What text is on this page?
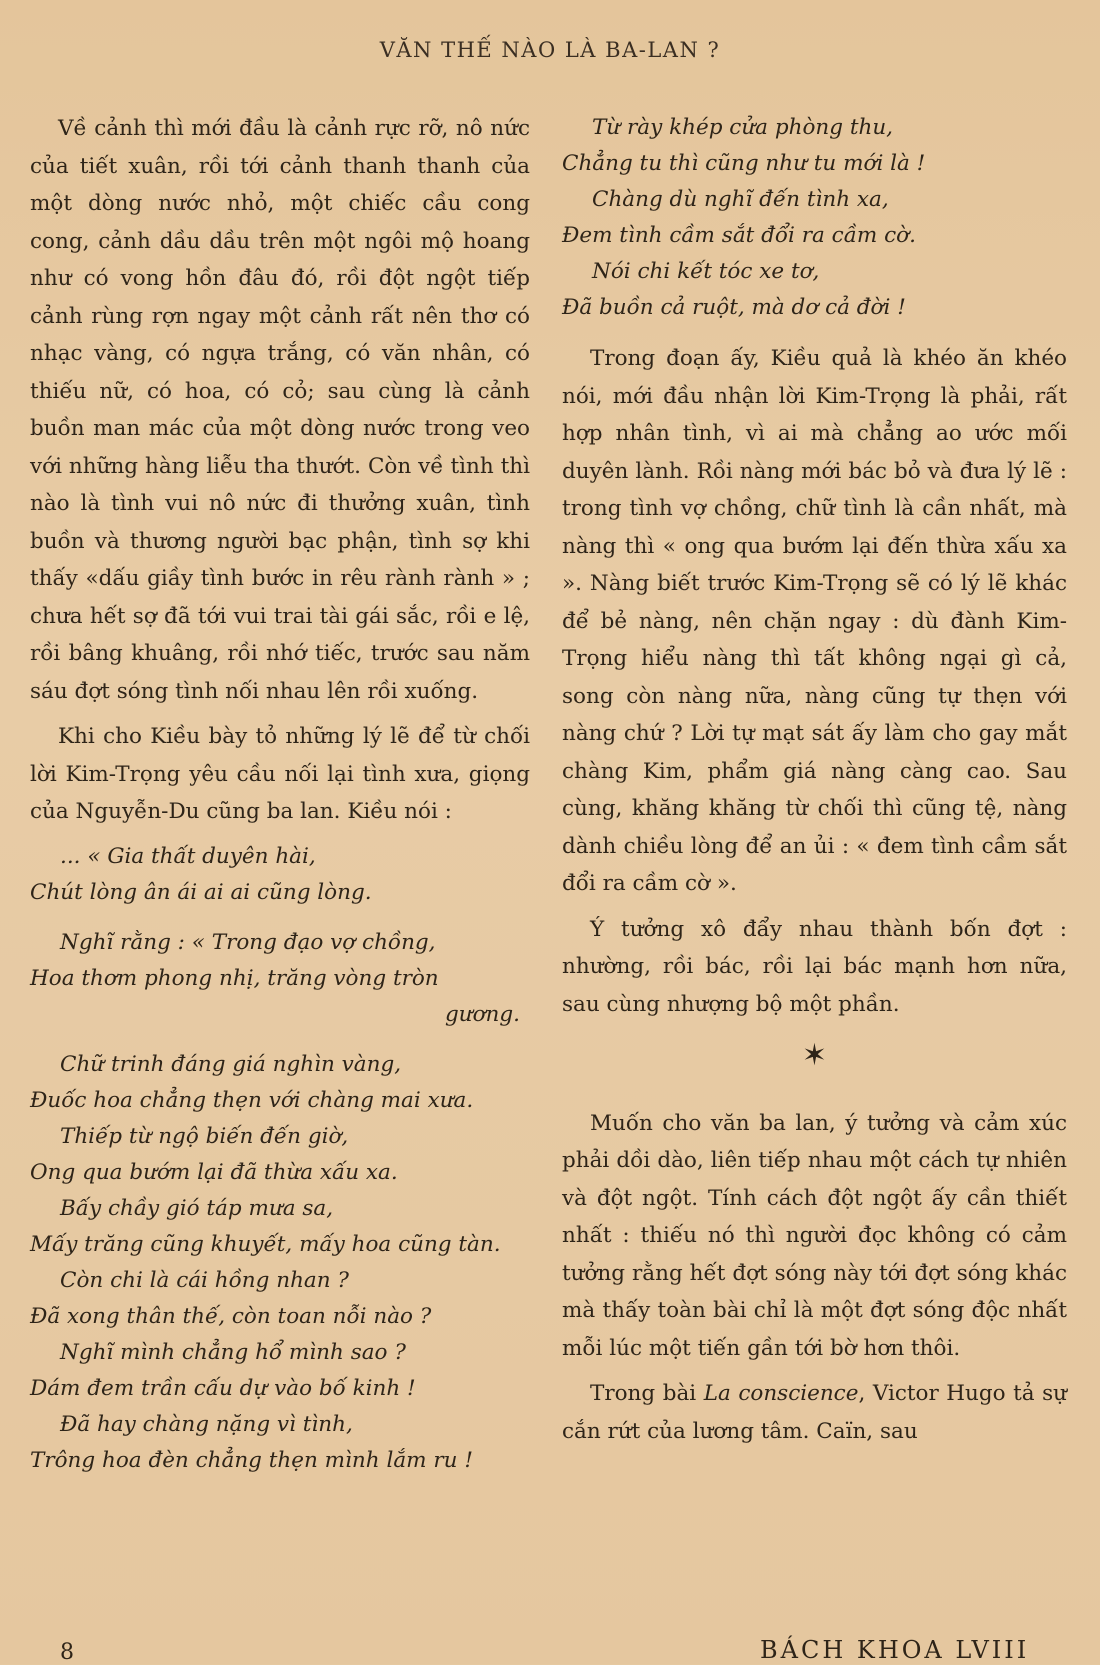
VĂN THẾ NÀO LÀ BA-LAN ?

Về cảnh thì mới đầu là cảnh rực rỡ, nô nức của tiết xuân, rồi tới cảnh thanh thanh của một dòng nước nhỏ, một chiếc cầu cong cong, cảnh dầu dầu trên một ngôi mộ hoang như có vong hồn đâu đó, rồi đột ngột tiếp cảnh rùng rợn ngay một cảnh rất nên thơ có nhạc vàng, có ngựa trắng, có văn nhân, có thiếu nữ, có hoa, có cỏ; sau cùng là cảnh buồn man mác của một dòng nước trong veo với những hàng liễu tha thướt. Còn về tình thì nào là tình vui nô nức đi thưởng xuân, tình buồn và thương người bạc phận, tình sợ khi thấy «dấu giầy tình bước in rêu rành rành » ; chưa hết sợ đã tới vui trai tài gái sắc, rồi e lệ, rồi bâng khuâng, rồi nhớ tiếc, trước sau năm sáu đợt sóng tình nối nhau lên rồi xuống.

Khi cho Kiều bày tỏ những lý lẽ để từ chối lời Kim-Trọng yêu cầu nối lại tình xưa, giọng của Nguyễn-Du cũng ba lan. Kiều nói :

... « Gia thất duyên hài,
Chút lòng ân ái ai ai cũng lòng.
Nghĩ rằng : « Trong đạo vợ chồng,
Hoa thơm phong nhị, trăng vòng tròn
gương.
Chữ trinh đáng giá nghìn vàng,
Đuốc hoa chẳng thẹn với chàng mai xưa.
Thiếp từ ngộ biến đến giờ,
Ong qua bướm lại đã thừa xấu xa.
Bấy chầy gió táp mưa sa,
Mấy trăng cũng khuyết, mấy hoa cũng tàn.
Còn chi là cái hồng nhan ?
Đã xong thân thế, còn toan nỗi nào ?
Nghĩ mình chẳng hổ mình sao ?
Dám đem trần cấu dự vào bố kinh !
Đã hay chàng nặng vì tình,
Trông hoa đèn chẳng thẹn mình lắm ru !
Từ rày khép cửa phòng thu,
Chẳng tu thì cũng như tu mới là !
Chàng dù nghĩ đến tình xa,
Đem tình cầm sắt đổi ra cầm cờ.
Nói chi kết tóc xe tơ,
Đã buồn cả ruột, mà dơ cả đời !

Trong đoạn ấy, Kiều quả là khéo ăn khéo nói, mới đầu nhận lời Kim-Trọng là phải, rất hợp nhân tình, vì ai mà chẳng ao ước mối duyên lành. Rồi nàng mới bác bỏ và đưa lý lẽ : trong tình vợ chồng, chữ tình là cần nhất, mà nàng thì « ong qua bướm lại đến thừa xấu xa ». Nàng biết trước Kim-Trọng sẽ có lý lẽ khác để bẻ nàng, nên chặn ngay : dù đành Kim-Trọng hiểu nàng thì tất không ngại gì cả, song còn nàng nữa, nàng cũng tự thẹn với nàng chứ ? Lời tự mạt sát ấy làm cho gay mắt chàng Kim, phẩm giá nàng càng cao. Sau cùng, khăng khăng từ chối thì cũng tệ, nàng dành chiều lòng để an ủi : « đem tình cầm sắt đổi ra cầm cờ ».

Ý tưởng xô đẩy nhau thành bốn đợt : nhường, rồi bác, rồi lại bác mạnh hơn nữa, sau cùng nhượng bộ một phần.

✶

Muốn cho văn ba lan, ý tưởng và cảm xúc phải dồi dào, liên tiếp nhau một cách tự nhiên và đột ngột. Tính cách đột ngột ấy cần thiết nhất : thiếu nó thì người đọc không có cảm tưởng rằng hết đợt sóng này tới đợt sóng khác mà thấy toàn bài chỉ là một đợt sóng độc nhất mỗi lúc một tiến gần tới bờ hơn thôi.

Trong bài La conscience, Victor Hugo tả sự cắn rứt của lương tâm. Caïn, sau

8	BÁCH KHOA LVIII
